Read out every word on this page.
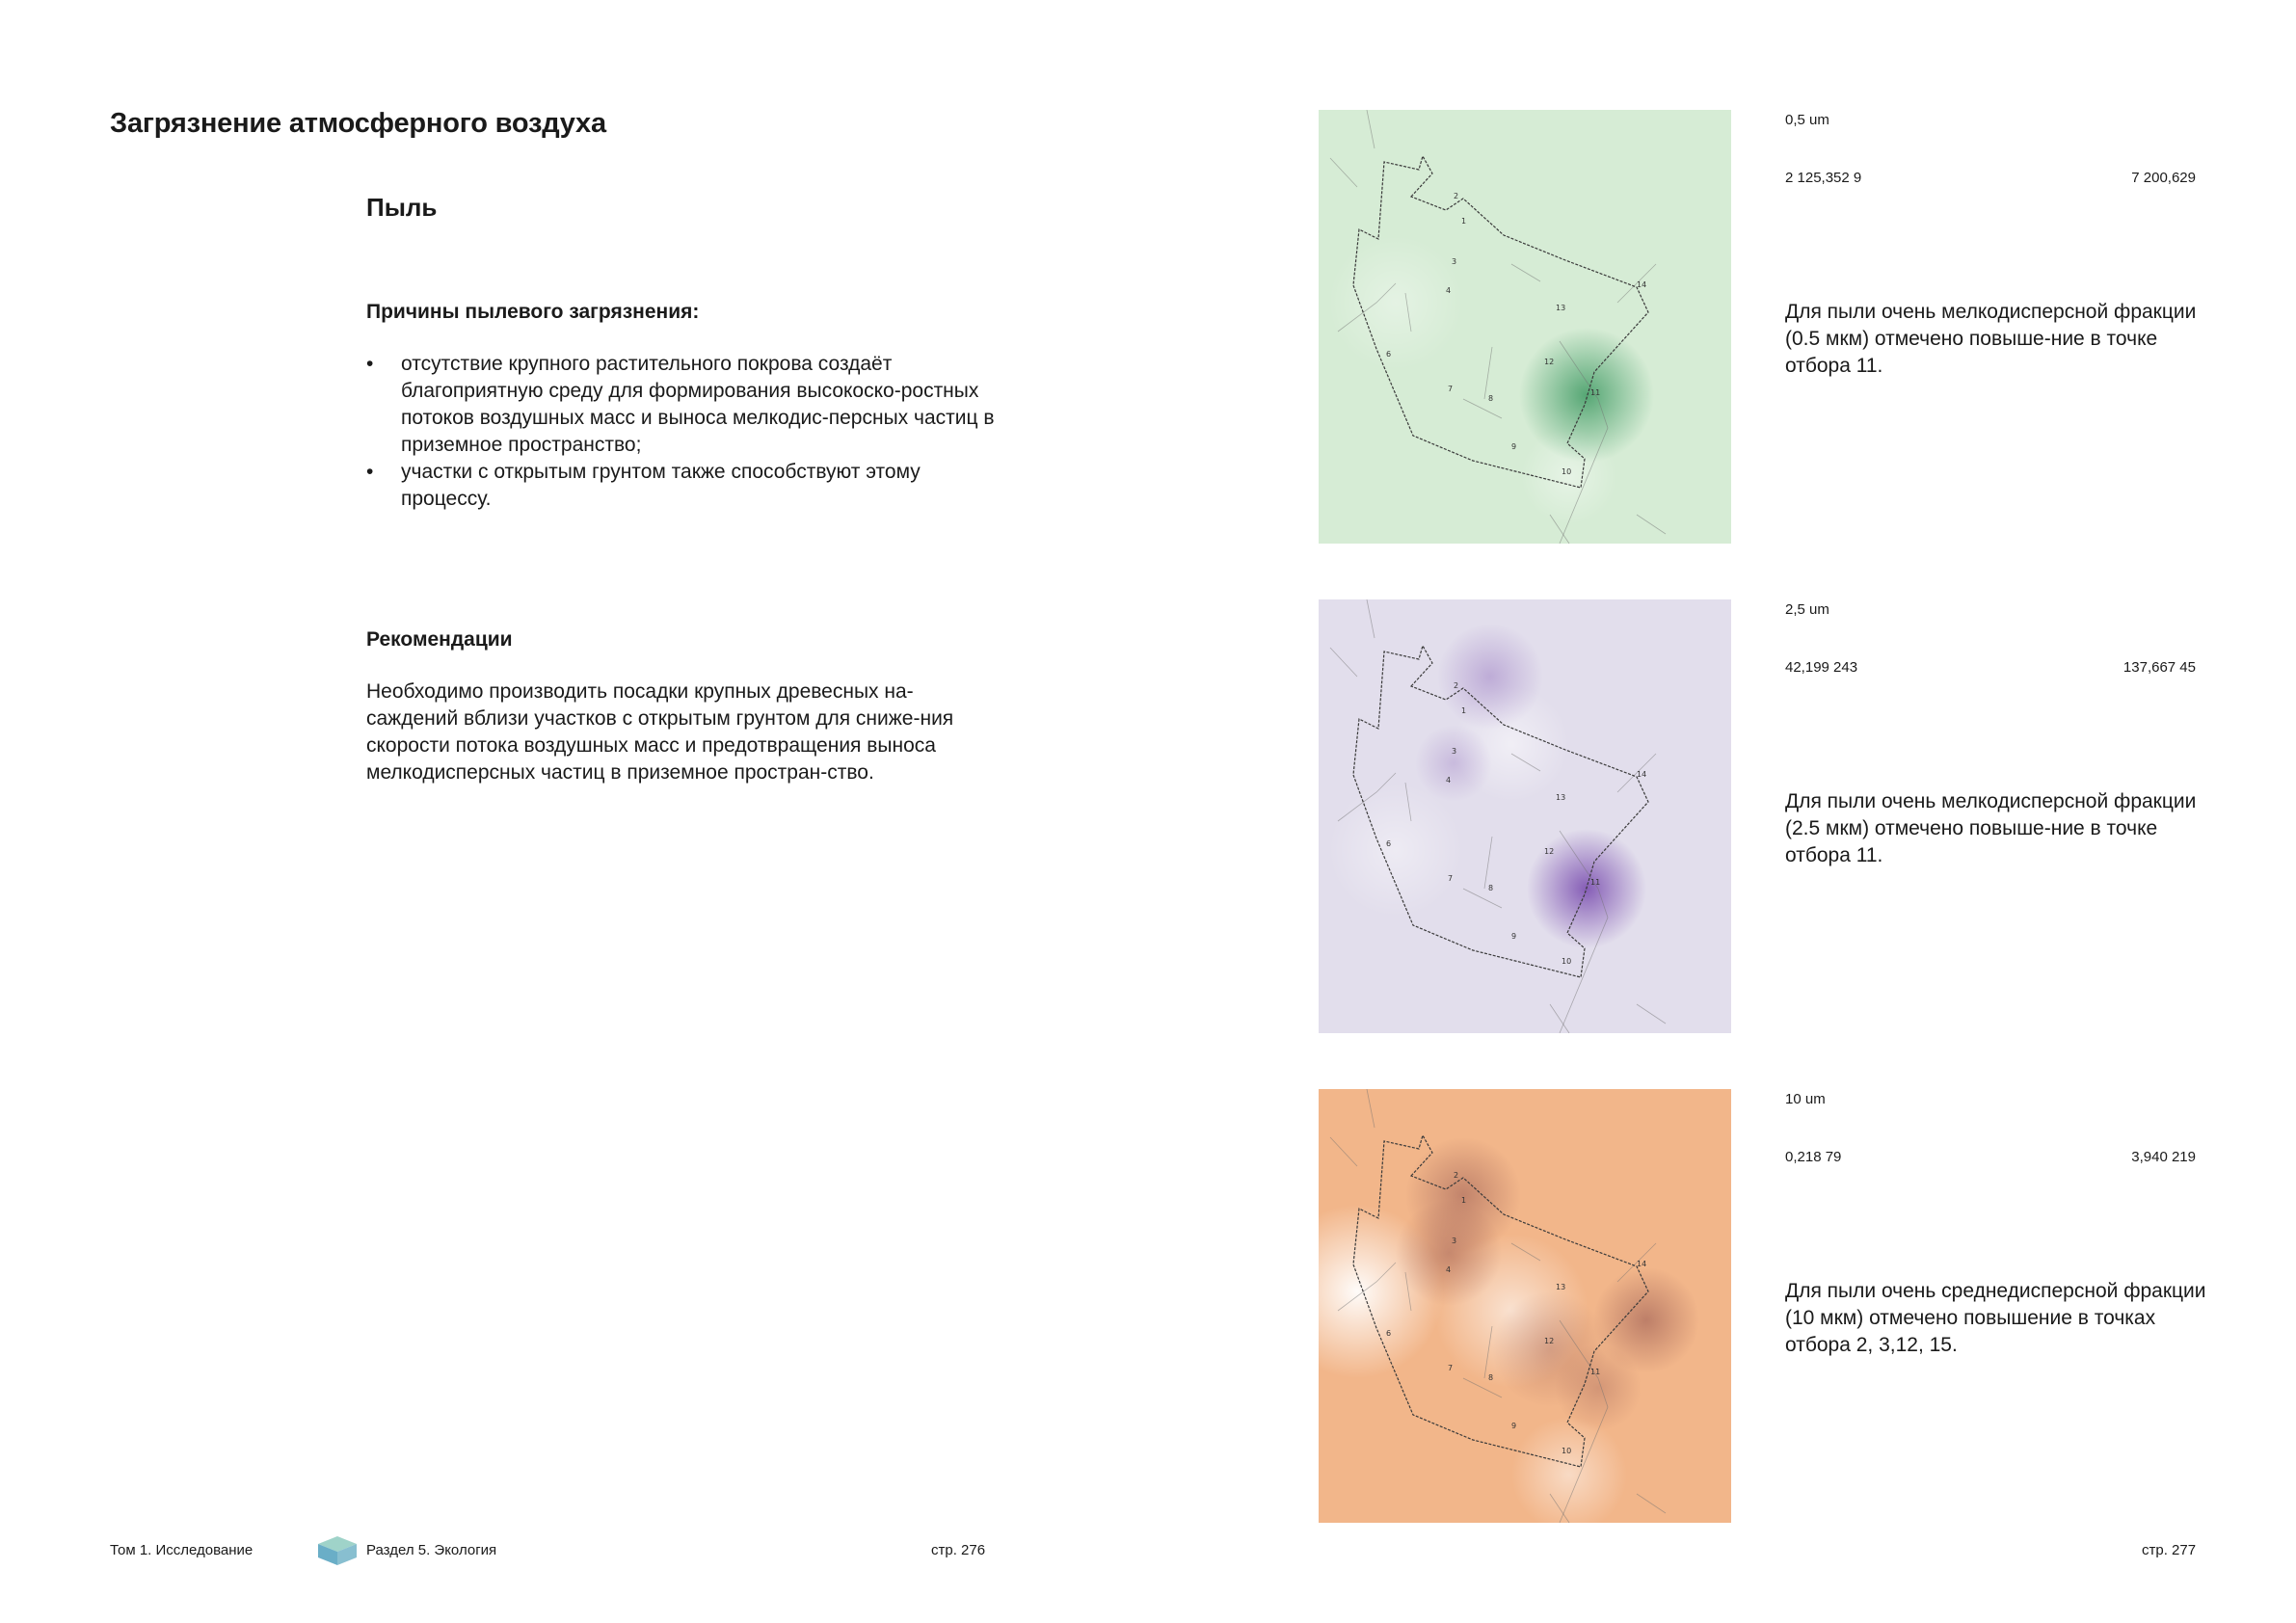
Загрязнение атмосферного воздуха
Пыль
Причины пылевого загрязнения:
• отсутствие крупного растительного покрова создаёт благоприятную среду для формирования высокоско-ростных потоков воздушных масс и выноса мелкодис-персных частиц в приземное пространство;
• участки с открытым грунтом также способствуют этому процессу.
Рекомендации
Необходимо производить посадки крупных древесных на-саждений вблизи участков с открытым грунтом для сниже-ния скорости потока воздушных масс и предотвращения выноса мелкодисперсных частиц в приземное простран-ство.
Том 1. Исследование	Раздел 5. Экология	стр. 276	стр. 277
1
2
3
4
6
7
8
9
10
11
12
13
14
0,5 um
2 125,352 9	7 200,629
Для пыли очень мелкодисперсной фракции (0.5 мкм) отмечено повыше-ние в точке отбора 11.
1
2
3
4
6
7
8
9
10
11
12
13
14
2,5 um
42,199 243	137,667 45
Для пыли очень мелкодисперсной фракции (2.5 мкм) отмечено повыше-ние в точке отбора 11.
1
2
3
4
6
7
8
9
10
11
12
13
14
10 um
0,218 79	3,940 219
Для пыли очень среднедисперсной фракции (10 мкм) отмечено повышение в точках отбора 2, 3,12, 15.
